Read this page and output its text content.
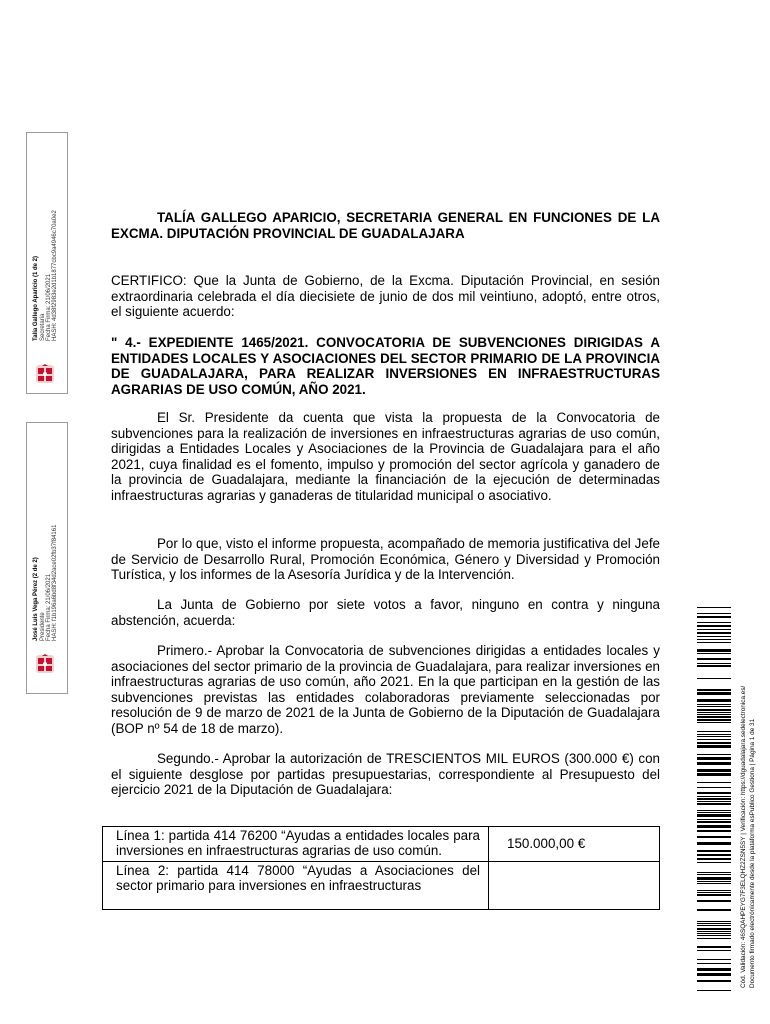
Talía Gallego Aparicio (1 de 2) Secretaria Fecha Firma: 21/06/2021 HASH: 4d38f2983e2d1b1877cbc9a4946c70a0e2
José Luis Vega Pérez (2 de 2) Presidente Fecha Firma: 21/06/2021 HASH: f1b196a6bd8f34d2ace02fb37f84161

TALÍA GALLEGO APARICIO, SECRETARIA GENERAL EN FUNCIONES DE LA EXCMA. DIPUTACIÓN PROVINCIAL DE GUADALAJARA

CERTIFICO: Que la Junta de Gobierno, de la Excma. Diputación Provincial, en sesión extraordinaria celebrada el día diecisiete de junio de dos mil veintiuno, adoptó, entre otros, el siguiente acuerdo:

" 4.- EXPEDIENTE 1465/2021. CONVOCATORIA DE SUBVENCIONES DIRIGIDAS A ENTIDADES LOCALES Y ASOCIACIONES DEL SECTOR PRIMARIO DE LA PROVINCIA DE GUADALAJARA, PARA REALIZAR INVERSIONES EN INFRAESTRUCTURAS AGRARIAS DE USO COMÚN, AÑO 2021.

El Sr. Presidente da cuenta que vista la propuesta de la Convocatoria de subvenciones para la realización de inversiones en infraestructuras agrarias de uso común, dirigidas a Entidades Locales y Asociaciones de la Provincia de Guadalajara para el año 2021, cuya finalidad es el fomento, impulso y promoción del sector agrícola y ganadero de la provincia de Guadalajara, mediante la financiación de la ejecución de determinadas infraestructuras agrarias y ganaderas de titularidad municipal o asociativo.

Por lo que, visto el informe propuesta, acompañado de memoria justificativa del Jefe de Servicio de Desarrollo Rural, Promoción Económica, Género y Diversidad y Promoción Turística, y los informes de la Asesoría Jurídica y de la Intervención.

La Junta de Gobierno por siete votos a favor, ninguno en contra y ninguna abstención, acuerda:

Primero.- Aprobar la Convocatoria de subvenciones dirigidas a entidades locales y asociaciones del sector primario de la provincia de Guadalajara, para realizar inversiones en infraestructuras agrarias de uso común, año 2021. En la que participan en la gestión de las subvenciones previstas las entidades colaboradoras previamente seleccionadas por resolución de 9 de marzo de 2021 de la Junta de Gobierno de la Diputación de Guadalajara (BOP nº 54 de 18 de marzo).

Segundo.- Aprobar la autorización de TRESCIENTOS MIL EUROS (300.000 €) con el siguiente desglose por partidas presupuestarias, correspondiente al Presupuesto del ejercicio 2021 de la Diputación de Guadalajara:

Línea 1: partida 414 76200 “Ayudas a entidades locales para inversiones en infraestructuras agrarias de uso común.	150.000,00 €
Línea 2: partida 414 78000 “Ayudas a Asociaciones del sector primario para inversiones en infraestructuras		Cód. Validación: 46SQAHPEYG7F3ELQHZ2ZSN5SY | Verificación: https://dguadalajara.sedelectronica.es/ Documento firmado electrónicamente desde la plataforma esPublico Gestiona | Página 1 de 31
